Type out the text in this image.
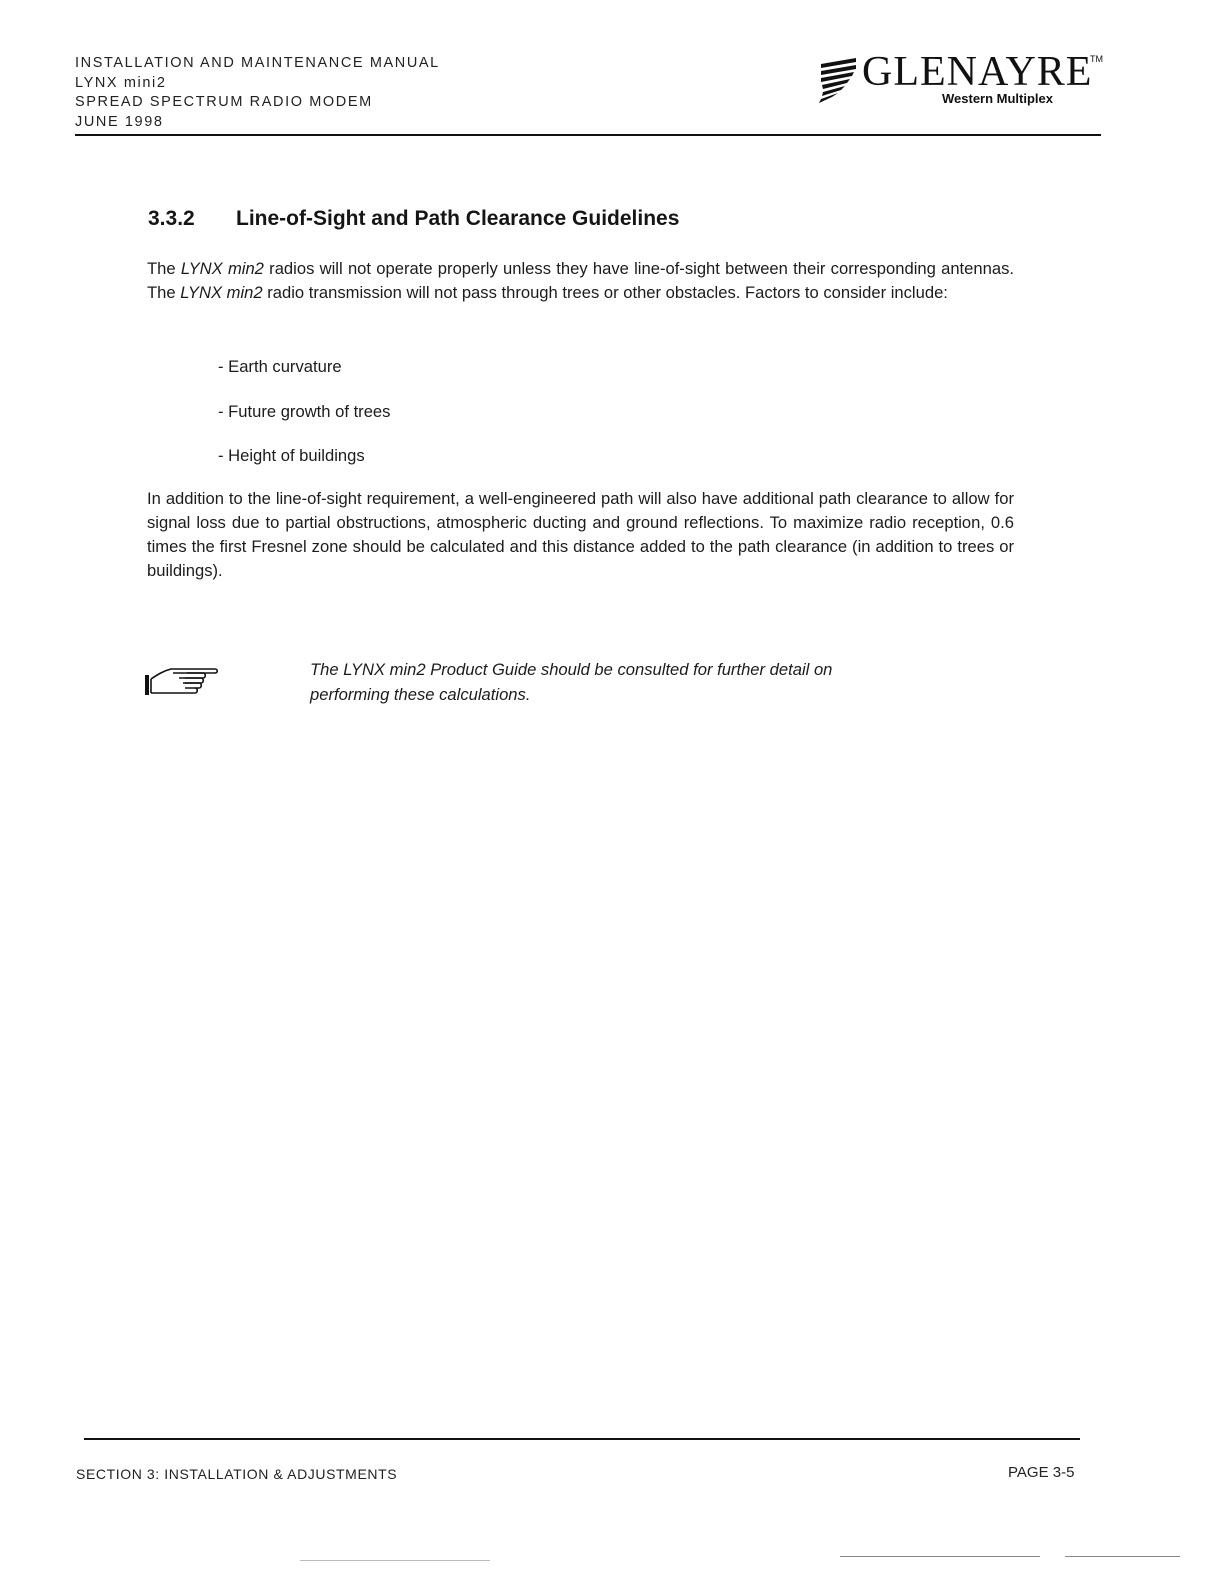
INSTALLATION AND MAINTENANCE MANUAL
LYNX mini2
SPREAD SPECTRUM RADIO MODEM
JUNE 1998
GLENAYRE
TM
Western Multiplex
3.3.2 Line-of-Sight and Path Clearance Guidelines
The LYNX min2 radios will not operate properly unless they have line-of-sight between their corresponding antennas. The LYNX min2 radio transmission will not pass through trees or other obstacles. Factors to consider include:
- Earth curvature
- Future growth of trees
- Height of buildings
In addition to the line-of-sight requirement, a well-engineered path will also have additional path clearance to allow for signal loss due to partial obstructions, atmospheric ducting and ground reflections. To maximize radio reception, 0.6 times the first Fresnel zone should be calculated and this distance added to the path clearance (in addition to trees or buildings).
The LYNX min2 Product Guide should be consulted for further detail on performing these calculations.
SECTION 3: INSTALLATION & ADJUSTMENTS	PAGE 3-5
